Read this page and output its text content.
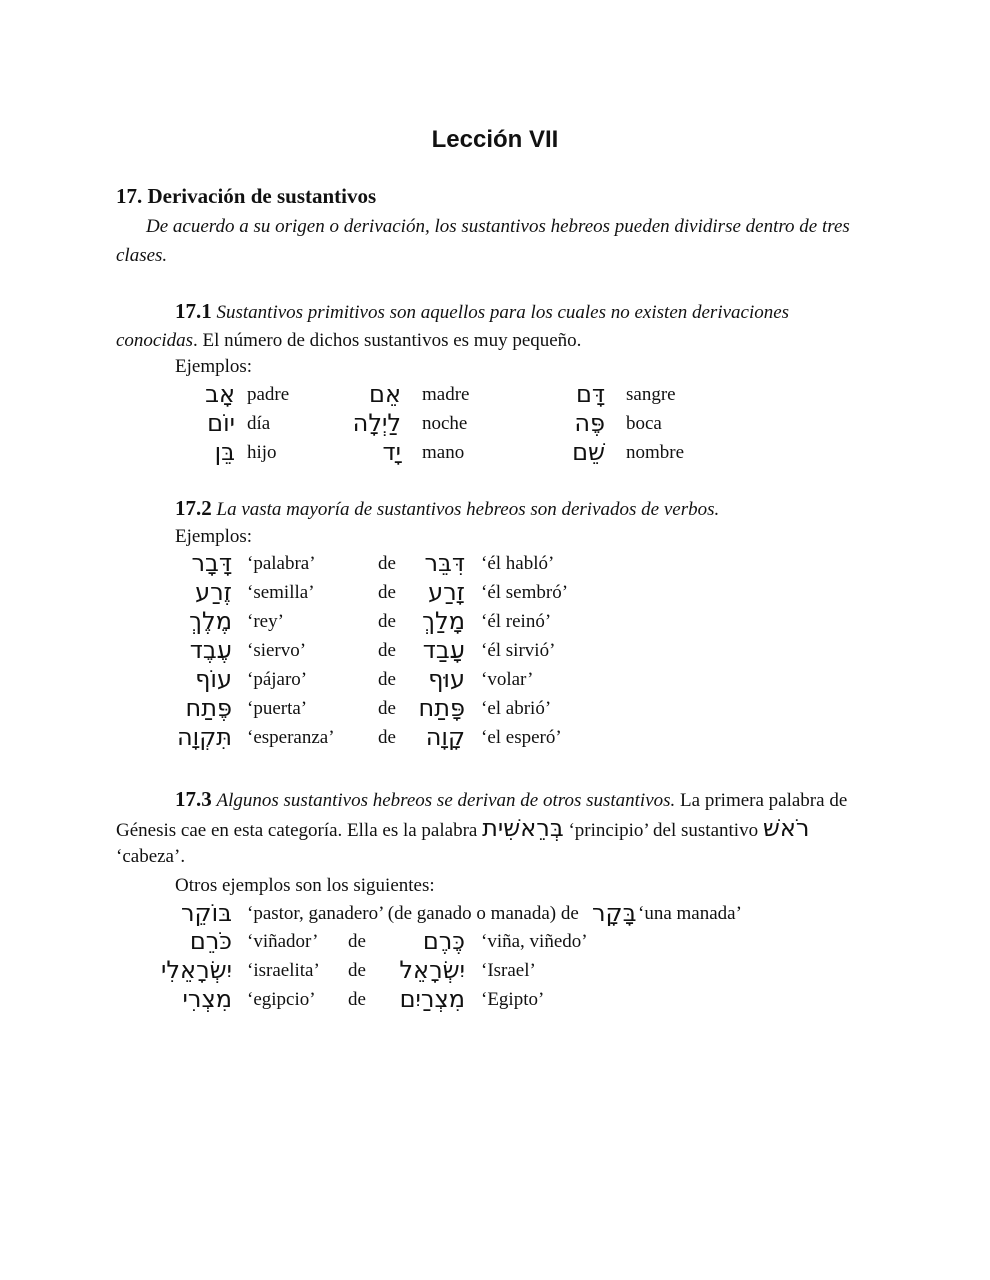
Lección VII
17. Derivación de sustantivos
De acuerdo a su origen o derivación, los sustantivos hebreos pueden dividirse dentro de tres clases.
17.1 Sustantivos primitivos son aquellos para los cuales no existen derivaciones
conocidas. El número de dichos sustantivos es muy pequeño.
Ejemplos:
אָב padre	אֵם madre	דָּם sangre
יוֹם día	לַיְלָה noche	פֶּה boca
בֵּן hijo	יָד mano	שֵׁם nombre
17.2 La vasta mayoría de sustantivos hebreos son derivados de verbos.
Ejemplos:
דָּבָר ‘palabra’	de דִּבֵּר ‘él habló’
זֶרַע ‘semilla’	de זָרַע ‘él sembró’
מֶלֶךְ ‘rey’	de מָלַךְ ‘él reinó’
עֶבֶד ‘siervo’	de עָבַד ‘él sirvió’
עוֹף ‘pájaro’	de עוּף ‘volar’
פֶּתַח ‘puerta’	de פָּתַח ‘el abrió’
תִּקְוָה ‘esperanza’ de קָוָה ‘el esperó’
17.3 Algunos sustantivos hebreos se derivan de otros sustantivos. La primera palabra de
Génesis cae en esta categoría. Ella es la palabra בְּרֵאשִׁית ‘principio’ del sustantivo רֹאשׁ
‘cabeza’.
Otros ejemplos son los siguientes:
בּוֹקֵר ‘pastor, ganadero’ (de ganado o manada) de בָּקָר ‘una manada’
כֹּרֵם ‘viñador’ de כֶּרֶם ‘viña, viñedo’
יִשְׂרָאֵלִי ‘israelita’ de יִשְׂרָאֵל ‘Israel’
מִצְרִי ‘egipcio’ de מִצְרַיִם ‘Egipto’
